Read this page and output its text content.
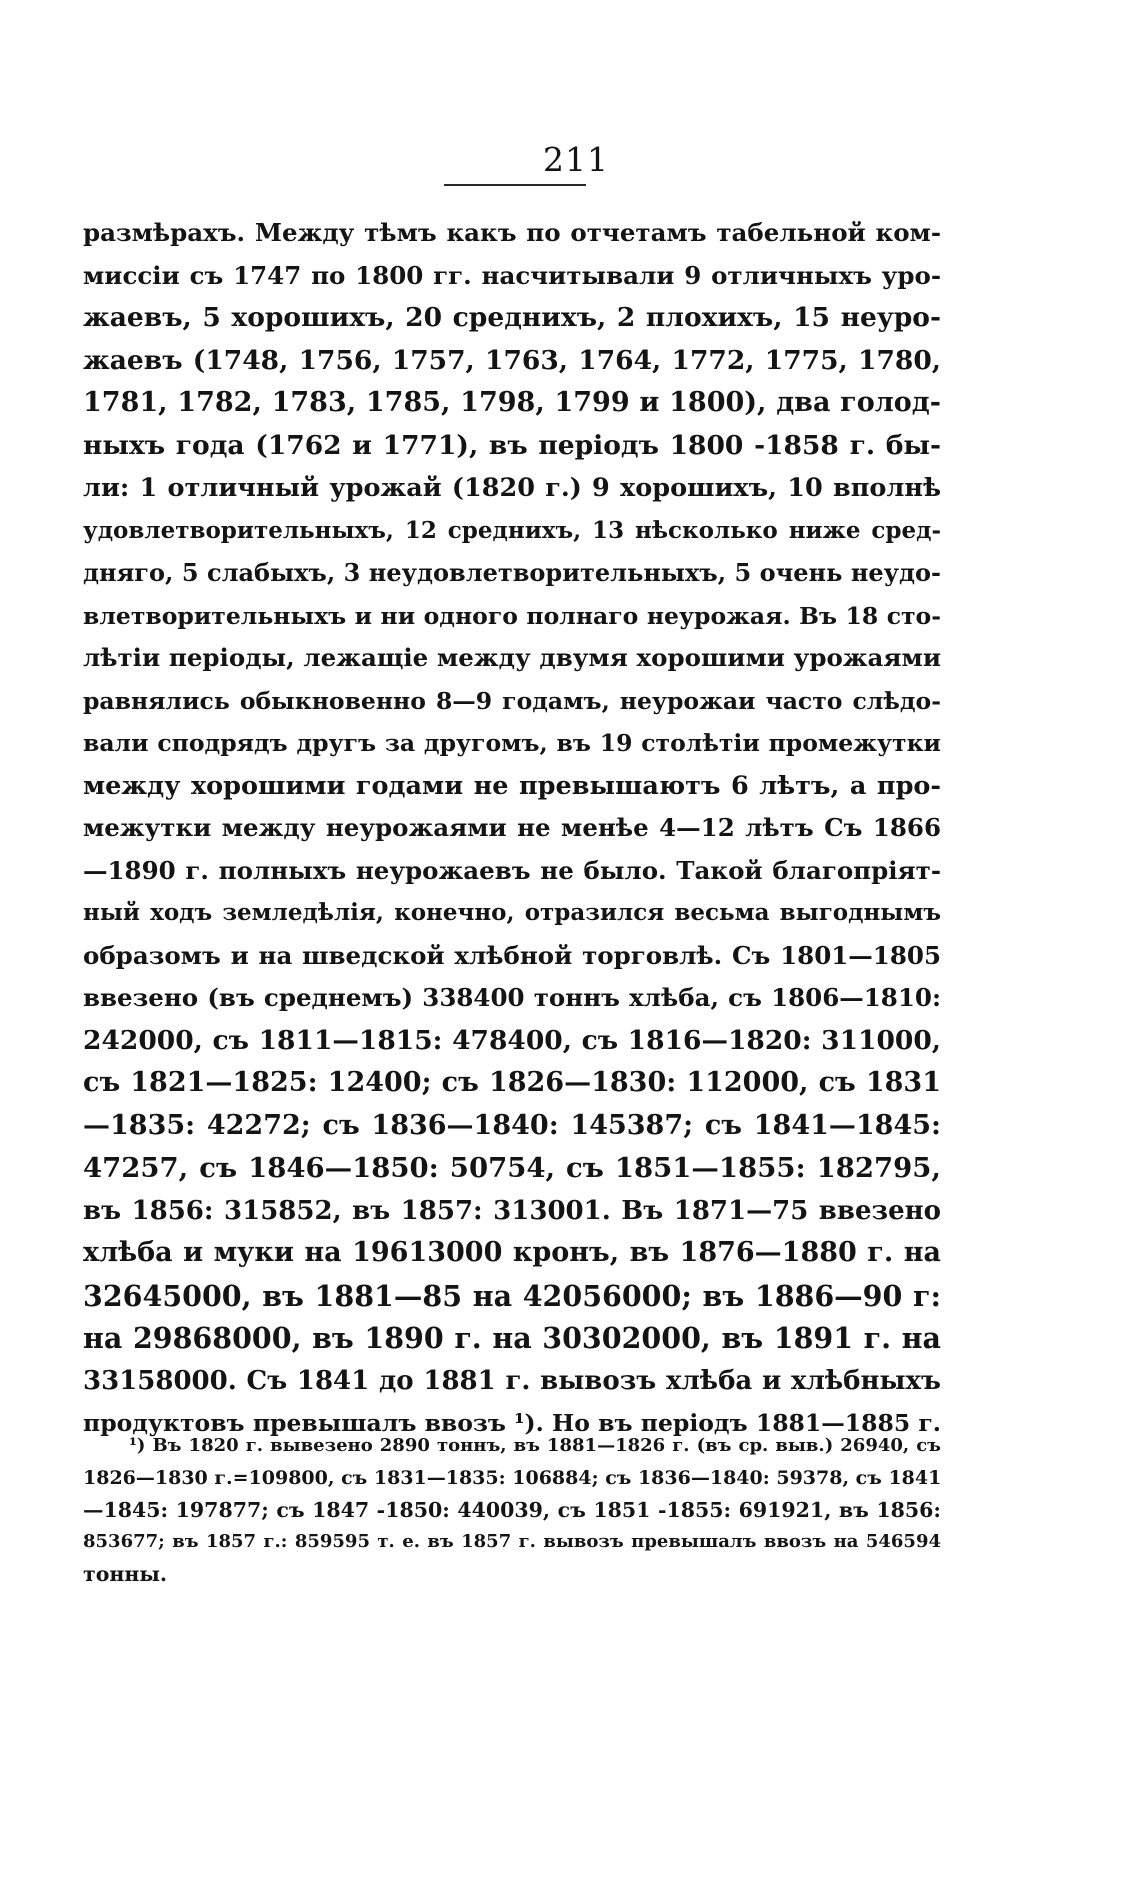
211
размѣрахъ. Между тѣмъ какъ по отчетамъ табельной ком-
миссіи съ 1747 по 1800 гг. насчитывали 9 отличныхъ уро-
жаевъ, 5 хорошихъ, 20 среднихъ, 2 плохихъ, 15 неуро-
жаевъ (1748, 1756, 1757, 1763, 1764, 1772, 1775, 1780,
1781, 1782, 1783, 1785, 1798, 1799 и 1800), два голод-
ныхъ года (1762 и 1771), въ періодъ 1800 -1858 г. бы-
ли: 1 отличный урожай (1820 г.) 9 хорошихъ, 10 вполнѣ
удовлетворительныхъ, 12 среднихъ, 13 нѣсколько ниже сред-
дняго, 5 слабыхъ, 3 неудовлетворительныхъ, 5 очень неудо-
влетворительныхъ и ни одного полнаго неурожая. Въ 18 сто-
лѣтіи періоды, лежащіе между двумя хорошими урожаями
равнялись обыкновенно 8—9 годамъ, неурожаи часто слѣдо-
вали сподрядъ другъ за другомъ, въ 19 столѣтіи промежутки
между хорошими годами не превышаютъ 6 лѣтъ, а про-
межутки между неурожаями не менѣе 4—12 лѣтъ Съ 1866
—1890 г. полныхъ неурожаевъ не было. Такой благопріят-
ный ходъ земледѣлія, конечно, отразился весьма выгоднымъ
образомъ и на шведской хлѣбной торговлѣ. Съ 1801—1805
ввезено (въ среднемъ) 338400 тоннъ хлѣба, съ 1806—1810:
242000, съ 1811—1815: 478400, съ 1816—1820: 311000,
съ 1821—1825: 12400; съ 1826—1830: 112000, съ 1831
—1835: 42272; съ 1836—1840: 145387; съ 1841—1845:
47257, съ 1846—1850: 50754, съ 1851—1855: 182795,
въ 1856: 315852, въ 1857: 313001. Въ 1871—75 ввезено
хлѣба и муки на 19613000 кронъ, въ 1876—1880 г. на
32645000, въ 1881—85 на 42056000; въ 1886—90 г:
на 29868000, въ 1890 г. на 30302000, въ 1891 г. на
33158000. Съ 1841 до 1881 г. вывозъ хлѣба и хлѣбныхъ
продуктовъ превышалъ ввозъ ¹). Но въ періодъ 1881—1885 г.
¹) Въ 1820 г. вывезено 2890 тоннъ, въ 1881—1826 г. (въ ср. выв.) 26940, съ
1826—1830 г.=109800, съ 1831—1835: 106884; съ 1836—1840: 59378, съ 1841
—1845: 197877; съ 1847 -1850: 440039, съ 1851 -1855: 691921, въ 1856:
853677; въ 1857 г.: 859595 т. е. въ 1857 г. вывозъ превышалъ ввозъ на 546594
тонны.
